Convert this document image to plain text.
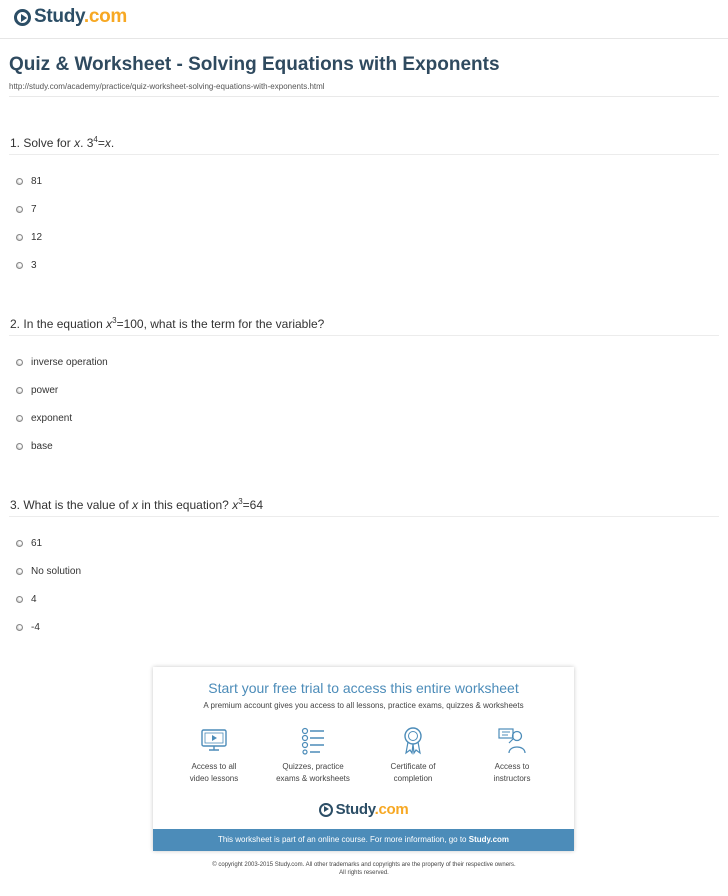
Study.com
Quiz & Worksheet - Solving Equations with Exponents
http://study.com/academy/practice/quiz-worksheet-solving-equations-with-exponents.html
1. Solve for x. $3^4=x$.
81
7
12
3
2. In the equation $x^3=100$, what is the term for the variable?
inverse operation
power
exponent
base
3. What is the value of x in this equation? $x^3=64$
61
No solution
4
-4
Start your free trial to access this entire worksheet
A premium account gives you access to all lessons, practice exams, quizzes & worksheets
Access to all
video lessons
Quizzes, practice
exams & worksheets
Certificate of
completion
Access to
instructors
Study.com
This worksheet is part of an online course. For more information, go to Study.com
© copyright 2003-2015 Study.com. All other trademarks and copyrights are the property of their respective owners.
All rights reserved.
